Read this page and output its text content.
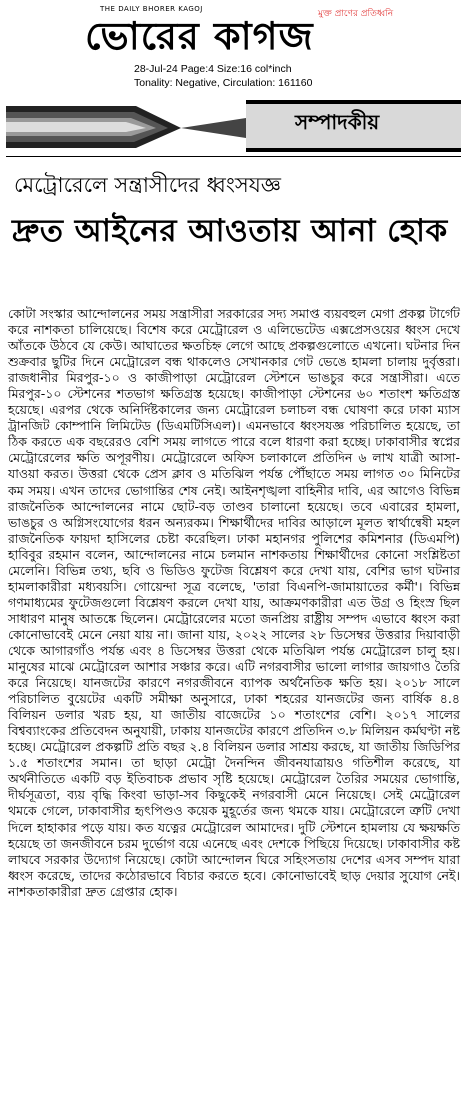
THE DAILY BHORER KAGOJ	মুক্ত প্রাণের প্রতিধ্বনি
ভোরের কাগজ
28-Jul-24 Page:4 Size:16 col*inch
Tonality: Negative, Circulation: 161160
সম্পাদকীয়
মেট্রোরেলে সন্ত্রাসীদের ধ্বংসযজ্ঞ
দ্রুত আইনের আওতায় আনা হোক

কোটা সংস্কার আন্দোলনের সময় সন্ত্রাসীরা সরকারের সদ্য সমাপ্ত ব্যয়বহুল মেগা প্রকল্প টার্গেট করে নাশকতা চালিয়েছে। বিশেষ করে মেট্রোরেল ও এলিভেটেড এক্সপ্রেসওয়ের ধ্বংস দেখে আঁতকে উঠবে যে কেউ। আঘাতের ক্ষতচিহ্ন লেগে আছে প্রকল্পগুলোতে এখনো। ঘটনার দিন শুক্রবার ছুটির দিনে মেট্রোরেল বন্ধ থাকলেও সেখানকার গেট ভেঙে হামলা চালায় দুর্বৃত্তরা। রাজধানীর মিরপুর-১০ ও কাজীপাড়া মেট্রোরেল স্টেশনে ভাঙচুর করে সন্ত্রাসীরা। এতে মিরপুর-১০ স্টেশনের শতভাগ ক্ষতিগ্রস্ত হয়েছে। কাজীপাড়া স্টেশনের ৬০ শতাংশ ক্ষতিগ্রস্ত হয়েছে। এরপর থেকে অনির্দিষ্টকালের জন্য মেট্রোরেল চলাচল বন্ধ ঘোষণা করে ঢাকা ম্যাস ট্রানজিট কোম্পানি লিমিটেড (ডিএমটিসিএল)। এমনভাবে ধ্বংসযজ্ঞ পরিচালিত হয়েছে, তা ঠিক করতে এক বছরেরও বেশি সময় লাগতে পারে বলে ধারণা করা হচ্ছে। ঢাকাবাসীর স্বপ্নের মেট্রোরেলের ক্ষতি অপূরণীয়। মেট্রোরেলে অফিস চলাকালে প্রতিদিন ৬ লাখ যাত্রী আসা-যাওয়া করত। উত্তরা থেকে প্রেস ক্লাব ও মতিঝিল পর্যন্ত পৌঁছাতে সময় লাগত ৩০ মিনিটের কম সময়। এখন তাদের ভোগান্তির শেষ নেই। আইনশৃঙ্খলা বাহিনীর দাবি, এর আগেও বিভিন্ন রাজনৈতিক আন্দোলনের নামে ছোট-বড় তাণ্ডব চালানো হয়েছে। তবে এবারের হামলা, ভাঙচুর ও অগ্নিসংযোগের ধরন অন্যরকম। শিক্ষার্থীদের দাবির আড়ালে মূলত স্বার্থান্বেষী মহল রাজনৈতিক ফায়দা হাসিলের চেষ্টা করেছিল। ঢাকা মহানগর পুলিশের কমিশনার (ডিএমপি) হাবিবুর রহমান বলেন, আন্দোলনের নামে চলমান নাশকতায় শিক্ষার্থীদের কোনো সংশ্লিষ্টতা মেলেনি। বিভিন্ন তথ্য, ছবি ও ভিডিও ফুটেজ বিশ্লেষণ করে দেখা যায়, বেশির ভাগ ঘটনার হামলাকারীরা মধ্যবয়সি। গোয়েন্দা সূত্র বলেছে, 'তারা বিএনপি-জামায়াতের কর্মী'। বিভিন্ন গণমাধ্যমের ফুটেজগুলো বিশ্লেষণ করলে দেখা যায়, আক্রমণকারীরা এত উগ্র ও হিংস্র ছিল সাধারণ মানুষ আতঙ্কে ছিলেন। মেট্রোরেলের মতো জনপ্রিয় রাষ্ট্রীয় সম্পদ এভাবে ধ্বংস করা কোনোভাবেই মেনে নেয়া যায় না। জানা যায়, ২০২২ সালের ২৮ ডিসেম্বর উত্তরার দিয়াবাড়ী থেকে আগারগাঁও পর্যন্ত এবং ৪ ডিসেম্বর উত্তরা থেকে মতিঝিল পর্যন্ত মেট্রোরেল চালু হয়। মানুষের মাঝে মেট্রোরেল আশার সঞ্চার করে। এটি নগরবাসীর ভালো লাগার জায়গাও তৈরি করে নিয়েছে। যানজটের কারণে নগরজীবনে ব্যাপক অর্থনৈতিক ক্ষতি হয়। ২০১৮ সালে পরিচালিত বুয়েটের একটি সমীক্ষা অনুসারে, ঢাকা শহরের যানজটের জন্য বার্ষিক ৪.৪ বিলিয়ন ডলার খরচ হয়, যা জাতীয় বাজেটের ১০ শতাংশের বেশি। ২০১৭ সালের বিশ্বব্যাংকের প্রতিবেদন অনুযায়ী, ঢাকায় যানজটের কারণে প্রতিদিন ৩.৮ মিলিয়ন কর্মঘণ্টা নষ্ট হচ্ছে। মেট্রোরেল প্রকল্পটি প্রতি বছর ২.৪ বিলিয়ন ডলার সাশ্রয় করছে, যা জাতীয় জিডিপির ১.৫ শতাংশের সমান। তা ছাড়া মেট্রো দৈনন্দিন জীবনযাত্রায়ও গতিশীল করেছে, যা অর্থনীতিতে একটি বড় ইতিবাচক প্রভাব সৃষ্টি হয়েছে। মেট্রোরেল তৈরির সময়ের ভোগান্তি, দীর্ঘসূত্রতা, ব্যয় বৃদ্ধি কিংবা ভাড়া-সব কিছুকেই নগরবাসী মেনে নিয়েছে। সেই মেট্রোরেল থমকে গেলে, ঢাকাবাসীর হৃৎপিণ্ডও কয়েক মুহূর্তের জন্য থমকে যায়। মেট্রোরেলে ত্রুটি দেখা দিলে হাহাকার পড়ে যায়। কত যত্নের মেট্রোরেল আমাদের। দুটি স্টেশনে হামলায় যে ক্ষয়ক্ষতি হয়েছে তা জনজীবনে চরম দুর্ভোগ বয়ে এনেছে এবং দেশকে পিছিয়ে দিয়েছে। ঢাকাবাসীর কষ্ট লাঘবে সরকার উদ্যোগ নিয়েছে। কোটা আন্দোলন ঘিরে সহিংসতায় দেশের এসব সম্পদ যারা ধ্বংস করেছে, তাদের কঠোরভাবে বিচার করতে হবে। কোনোভাবেই ছাড় দেয়ার সুযোগ নেই। নাশকতাকারীরা দ্রুত গ্রেপ্তার হোক।
